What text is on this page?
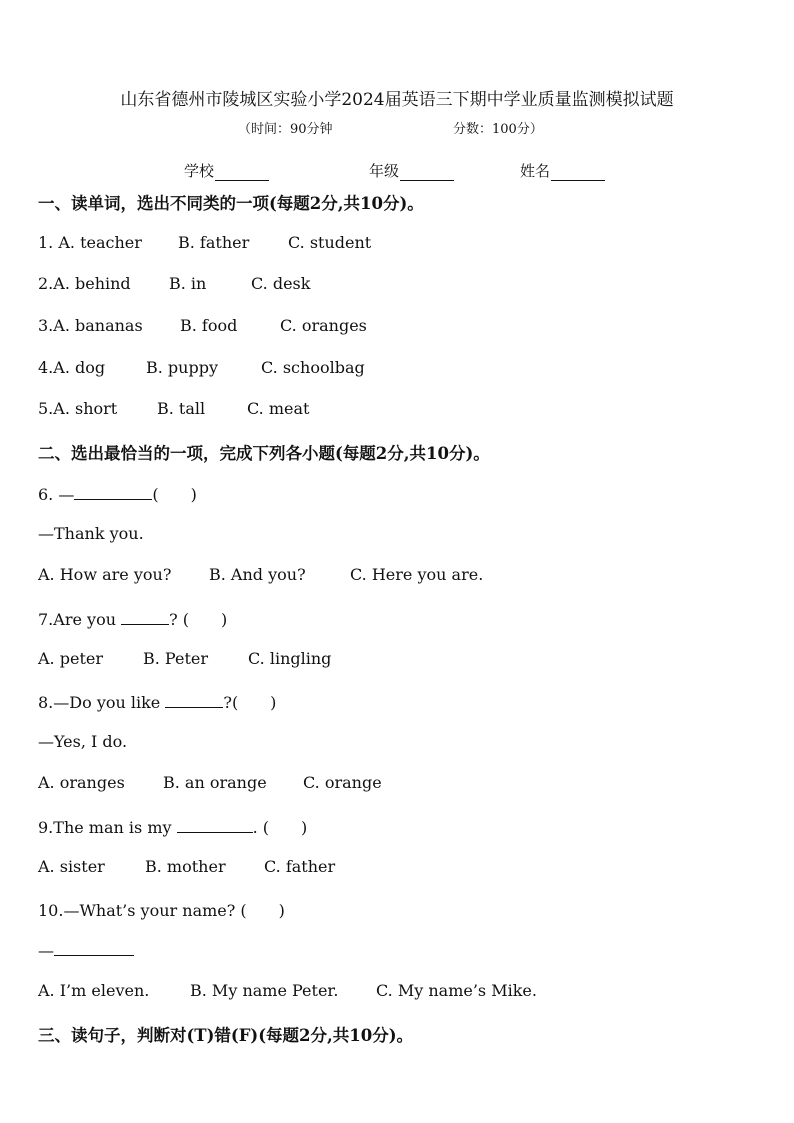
山东省德州市陵城区实验小学2024届英语三下期中学业质量监测模拟试题
（时间：90分钟	分数：100分）
学校	年级	姓名
一、读单词，选出不同类的一项(每题2分,共10分)。
1. A. teacher B. father C. student
2.A. behind B. in	C. desk
3.A. bananas B. food	C. oranges
4.A. dog	B. puppy	C. schoolbag
5.A. short B. tall	C. meat
二、选出最恰当的一项，完成下列各小题(每题2分,共10分)。
6. —	(　　)
—Thank you.
A. How are you? B. And you?	C. Here you are.
7.Are you	? (　　)
A. peter	B. Peter	C. lingling
8.—Do you like	?(　　)
—Yes, I do.
A. oranges B. an orange C. orange
9.The man is my	. (　　)
A. sister	B. mother C. father
10.—What’s your name? (　　)
—
A. I’m eleven.	B. My name Peter. C. My name’s Mike.
三、读句子，判断对(T)错(F)(每题2分,共10分)。
